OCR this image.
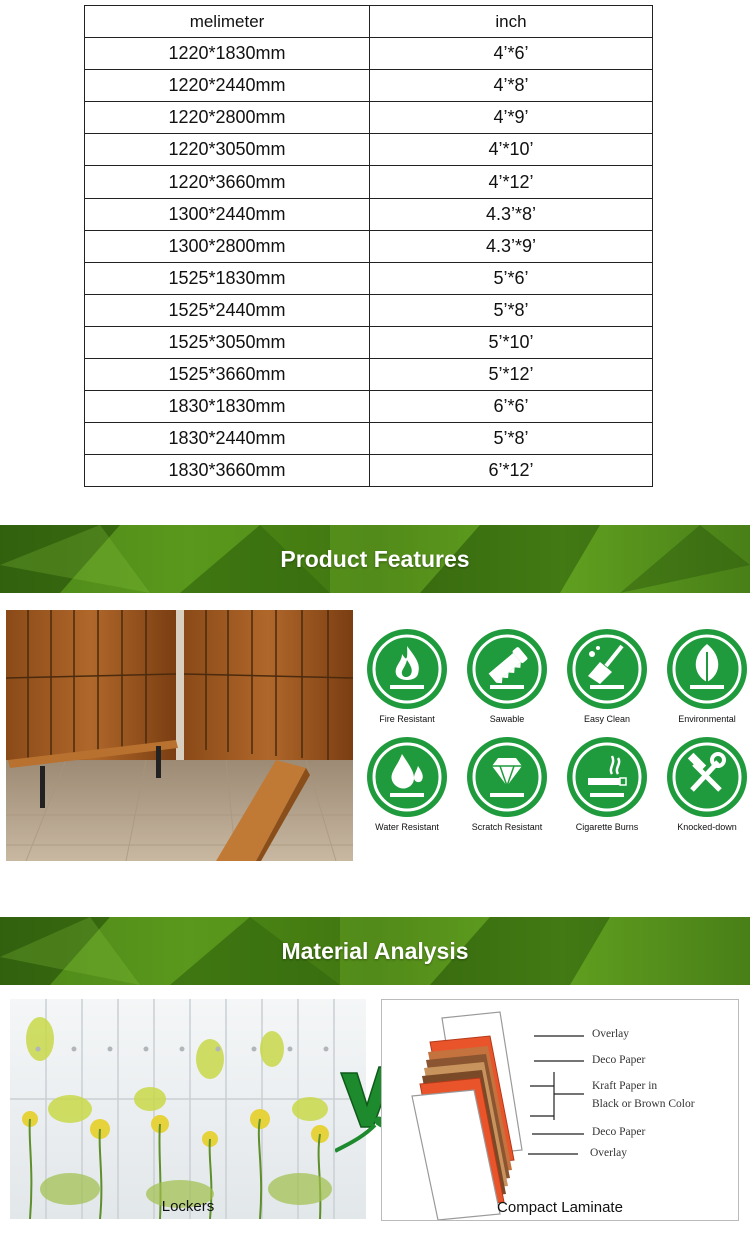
melimeter	inch
1220*1830mm	4’*6’
1220*2440mm	4’*8’
1220*2800mm	4’*9’
1220*3050mm	4’*10’
1220*3660mm	4’*12’
1300*2440mm	4.3’*8’
1300*2800mm	4.3’*9’
1525*1830mm	5’*6’
1525*2440mm	5’*8’
1525*3050mm	5’*10’
1525*3660mm	5’*12’
1830*1830mm	6’*6’
1830*2440mm	5’*8’
1830*3660mm	6’*12’
Product Features
Fire Resistant	Sawable	Easy Clean	Environmental
Water Resistant	Scratch Resistant	Cigarette Burns	Knocked-down
Material Analysis
Lockers
Overlay
Deco Paper
Kraft Paper in
Black or Brown Color
Deco Paper
Overlay
Compact Laminate
